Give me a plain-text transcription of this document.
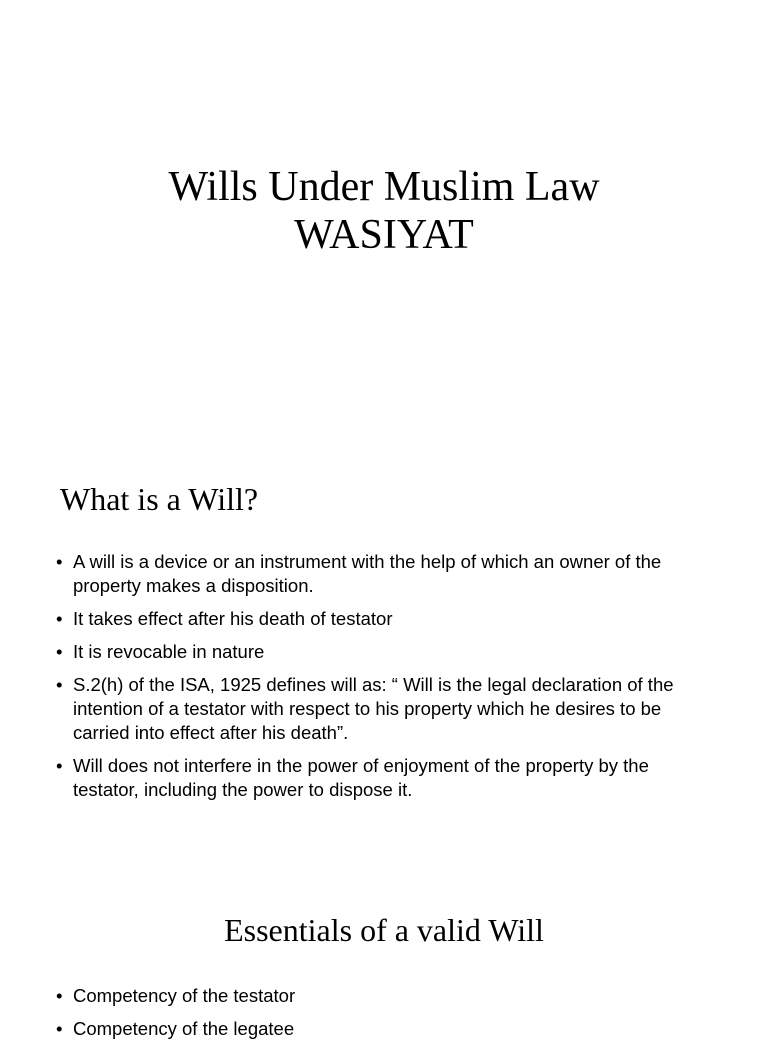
Wills Under Muslim Law
WASIYAT
What is a Will?
• A will is a device or an instrument with the help of which an owner of the property makes a disposition.
• It takes effect after his death of testator
• It is revocable in nature
• S.2(h) of the ISA, 1925 defines will as: “ Will is the legal declaration of the intention of a testator with respect to his property which he desires to be carried into effect after his death”.
• Will does not interfere in the power of enjoyment of the property by the testator, including the power to dispose it.
Essentials of a valid Will
• Competency of the testator
• Competency of the legatee
